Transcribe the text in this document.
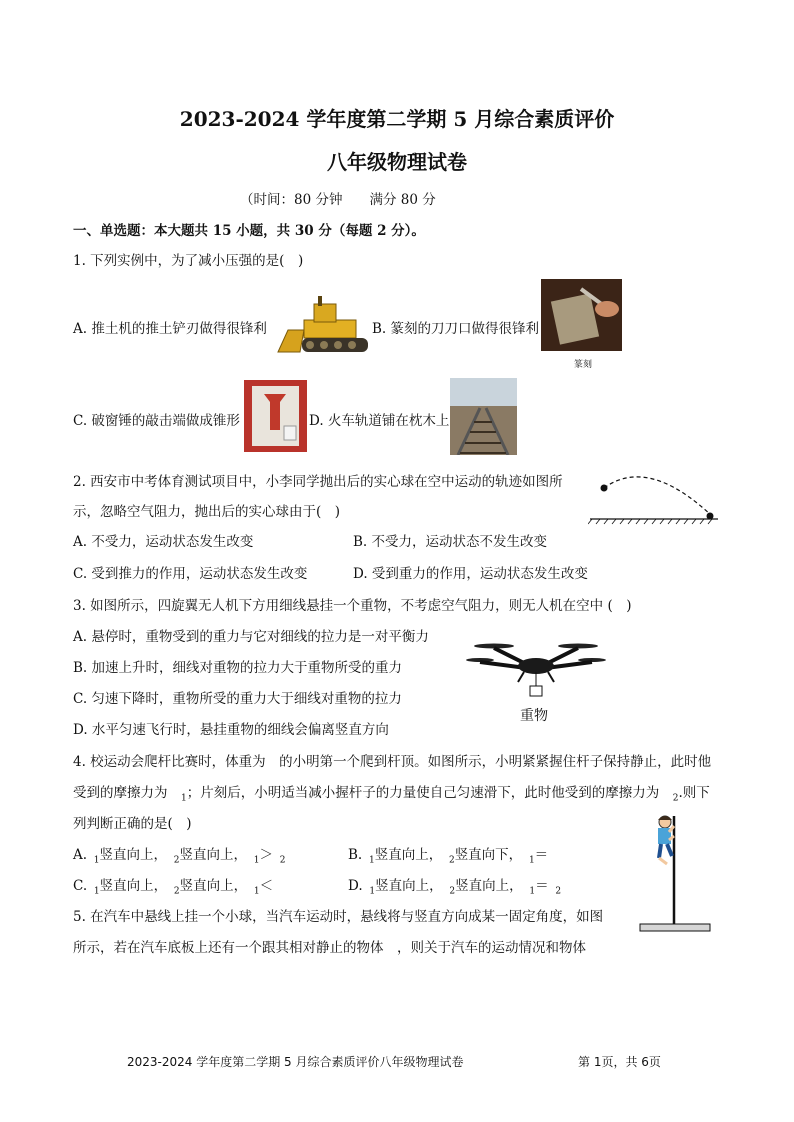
2023-2024 学年度第二学期 5 月综合素质评价
八年级物理试卷
（时间：80 分钟　　满分 80 分
一、单选题：本大题共 15 小题，共 30 分（每题 2 分）。
1. 下列实例中，为了减小压强的是(　)
A. 推土机的推土铲刃做得很锋利	B. 篆刻的刀刀口做得很锋利
篆刻
C. 破窗锤的敲击端做成锥形	D. 火车轨道铺在枕木上
2. 西安市中考体育测试项目中，小李同学抛出后的实心球在空中运动的轨迹如图所
示，忽略空气阻力，抛出后的实心球由于(　)
A. 不受力，运动状态发生改变	B. 不受力，运动状态不发生改变
C. 受到推力的作用，运动状态发生改变	D. 受到重力的作用，运动状态发生改变
3. 如图所示，四旋翼无人机下方用细线悬挂一个重物，不考虑空气阻力，则无人机在空中 (　)
A. 悬停时，重物受到的重力与它对细线的拉力是一对平衡力
B. 加速上升时，细线对重物的拉力大于重物所受的重力
C. 匀速下降时，重物所受的重力大于细线对重物的拉力
D. 水平匀速飞行时，悬挂重物的细线会偏离竖直方向
重物
4. 校运动会爬杆比赛时，体重为　的小明第一个爬到杆顶。如图所示，小明紧紧握住杆子保持静止，此时他
受到的摩擦力为  $_1$；片刻后，小明适当减小握杆子的力量使自己匀速滑下，此时他受到的摩擦力为  $_2$.则下
列判断正确的是(　)
A.  $_1$竖直向上，  $_2$竖直向上，  $_1$＞  $_2$	B.  $_1$竖直向上，  $_2$竖直向下，  $_1$＝
C.  $_1$竖直向上，  $_2$竖直向上，  $_1$＜	D.  $_1$竖直向上，  $_2$竖直向上，  $_1$＝  $_2$
5. 在汽车中悬线上挂一个小球，当汽车运动时，悬线将与竖直方向成某一固定角度，如图
所示，若在汽车底板上还有一个跟其相对静止的物体　，则关于汽车的运动情况和物体
2023-2024 学年度第二学期 5 月综合素质评价八年级物理试卷	第 1页，共 6页
